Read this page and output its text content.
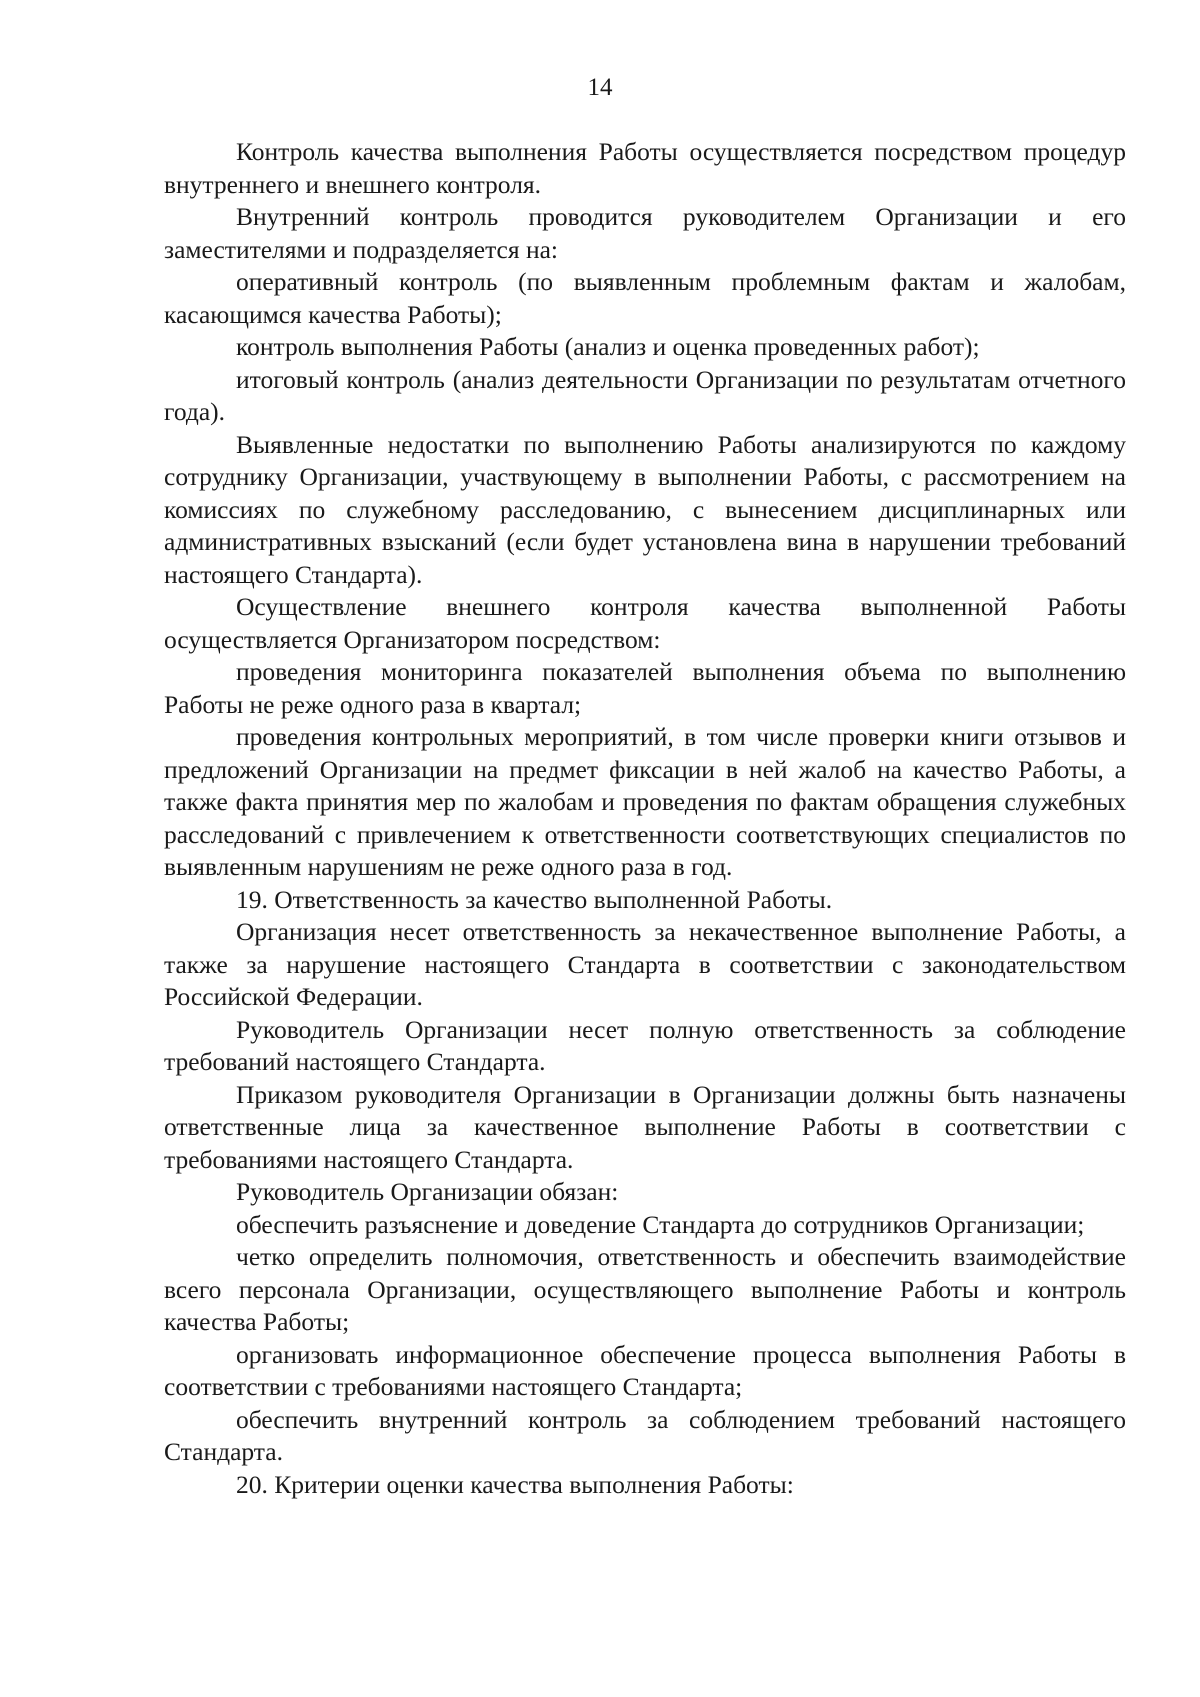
14

Контроль качества выполнения Работы осуществляется посредством процедур внутреннего и внешнего контроля.

Внутренний контроль проводится руководителем Организации и его заместителями и подразделяется на:

оперативный контроль (по выявленным проблемным фактам и жалобам, касающимся качества Работы);

контроль выполнения Работы (анализ и оценка проведенных работ);

итоговый контроль (анализ деятельности Организации по результатам отчетного года).

Выявленные недостатки по выполнению Работы анализируются по каждому сотруднику Организации, участвующему в выполнении Работы, с рассмотрением на комиссиях по служебному расследованию, с вынесением дисциплинарных или административных взысканий (если будет установлена вина в нарушении требований настоящего Стандарта).

Осуществление внешнего контроля качества выполненной Работы осуществляется Организатором посредством:

проведения мониторинга показателей выполнения объема по выполнению Работы не реже одного раза в квартал;

проведения контрольных мероприятий, в том числе проверки книги отзывов и предложений Организации на предмет фиксации в ней жалоб на качество Работы, а также факта принятия мер по жалобам и проведения по фактам обращения служебных расследований с привлечением к ответственности соответствующих специалистов по выявленным нарушениям не реже одного раза в год.

19. Ответственность за качество выполненной Работы.

Организация несет ответственность за некачественное выполнение Работы, а также за нарушение настоящего Стандарта в соответствии с законодательством Российской Федерации.

Руководитель Организации несет полную ответственность за соблюдение требований настоящего Стандарта.

Приказом руководителя Организации в Организации должны быть назначены ответственные лица за качественное выполнение Работы в соответствии с требованиями настоящего Стандарта.

Руководитель Организации обязан:

обеспечить разъяснение и доведение Стандарта до сотрудников Организации;

четко определить полномочия, ответственность и обеспечить взаимодействие всего персонала Организации, осуществляющего выполнение Работы и контроль качества Работы;

организовать информационное обеспечение процесса выполнения Работы в соответствии с требованиями настоящего Стандарта;

обеспечить внутренний контроль за соблюдением требований настоящего Стандарта.

20. Критерии оценки качества выполнения Работы:
